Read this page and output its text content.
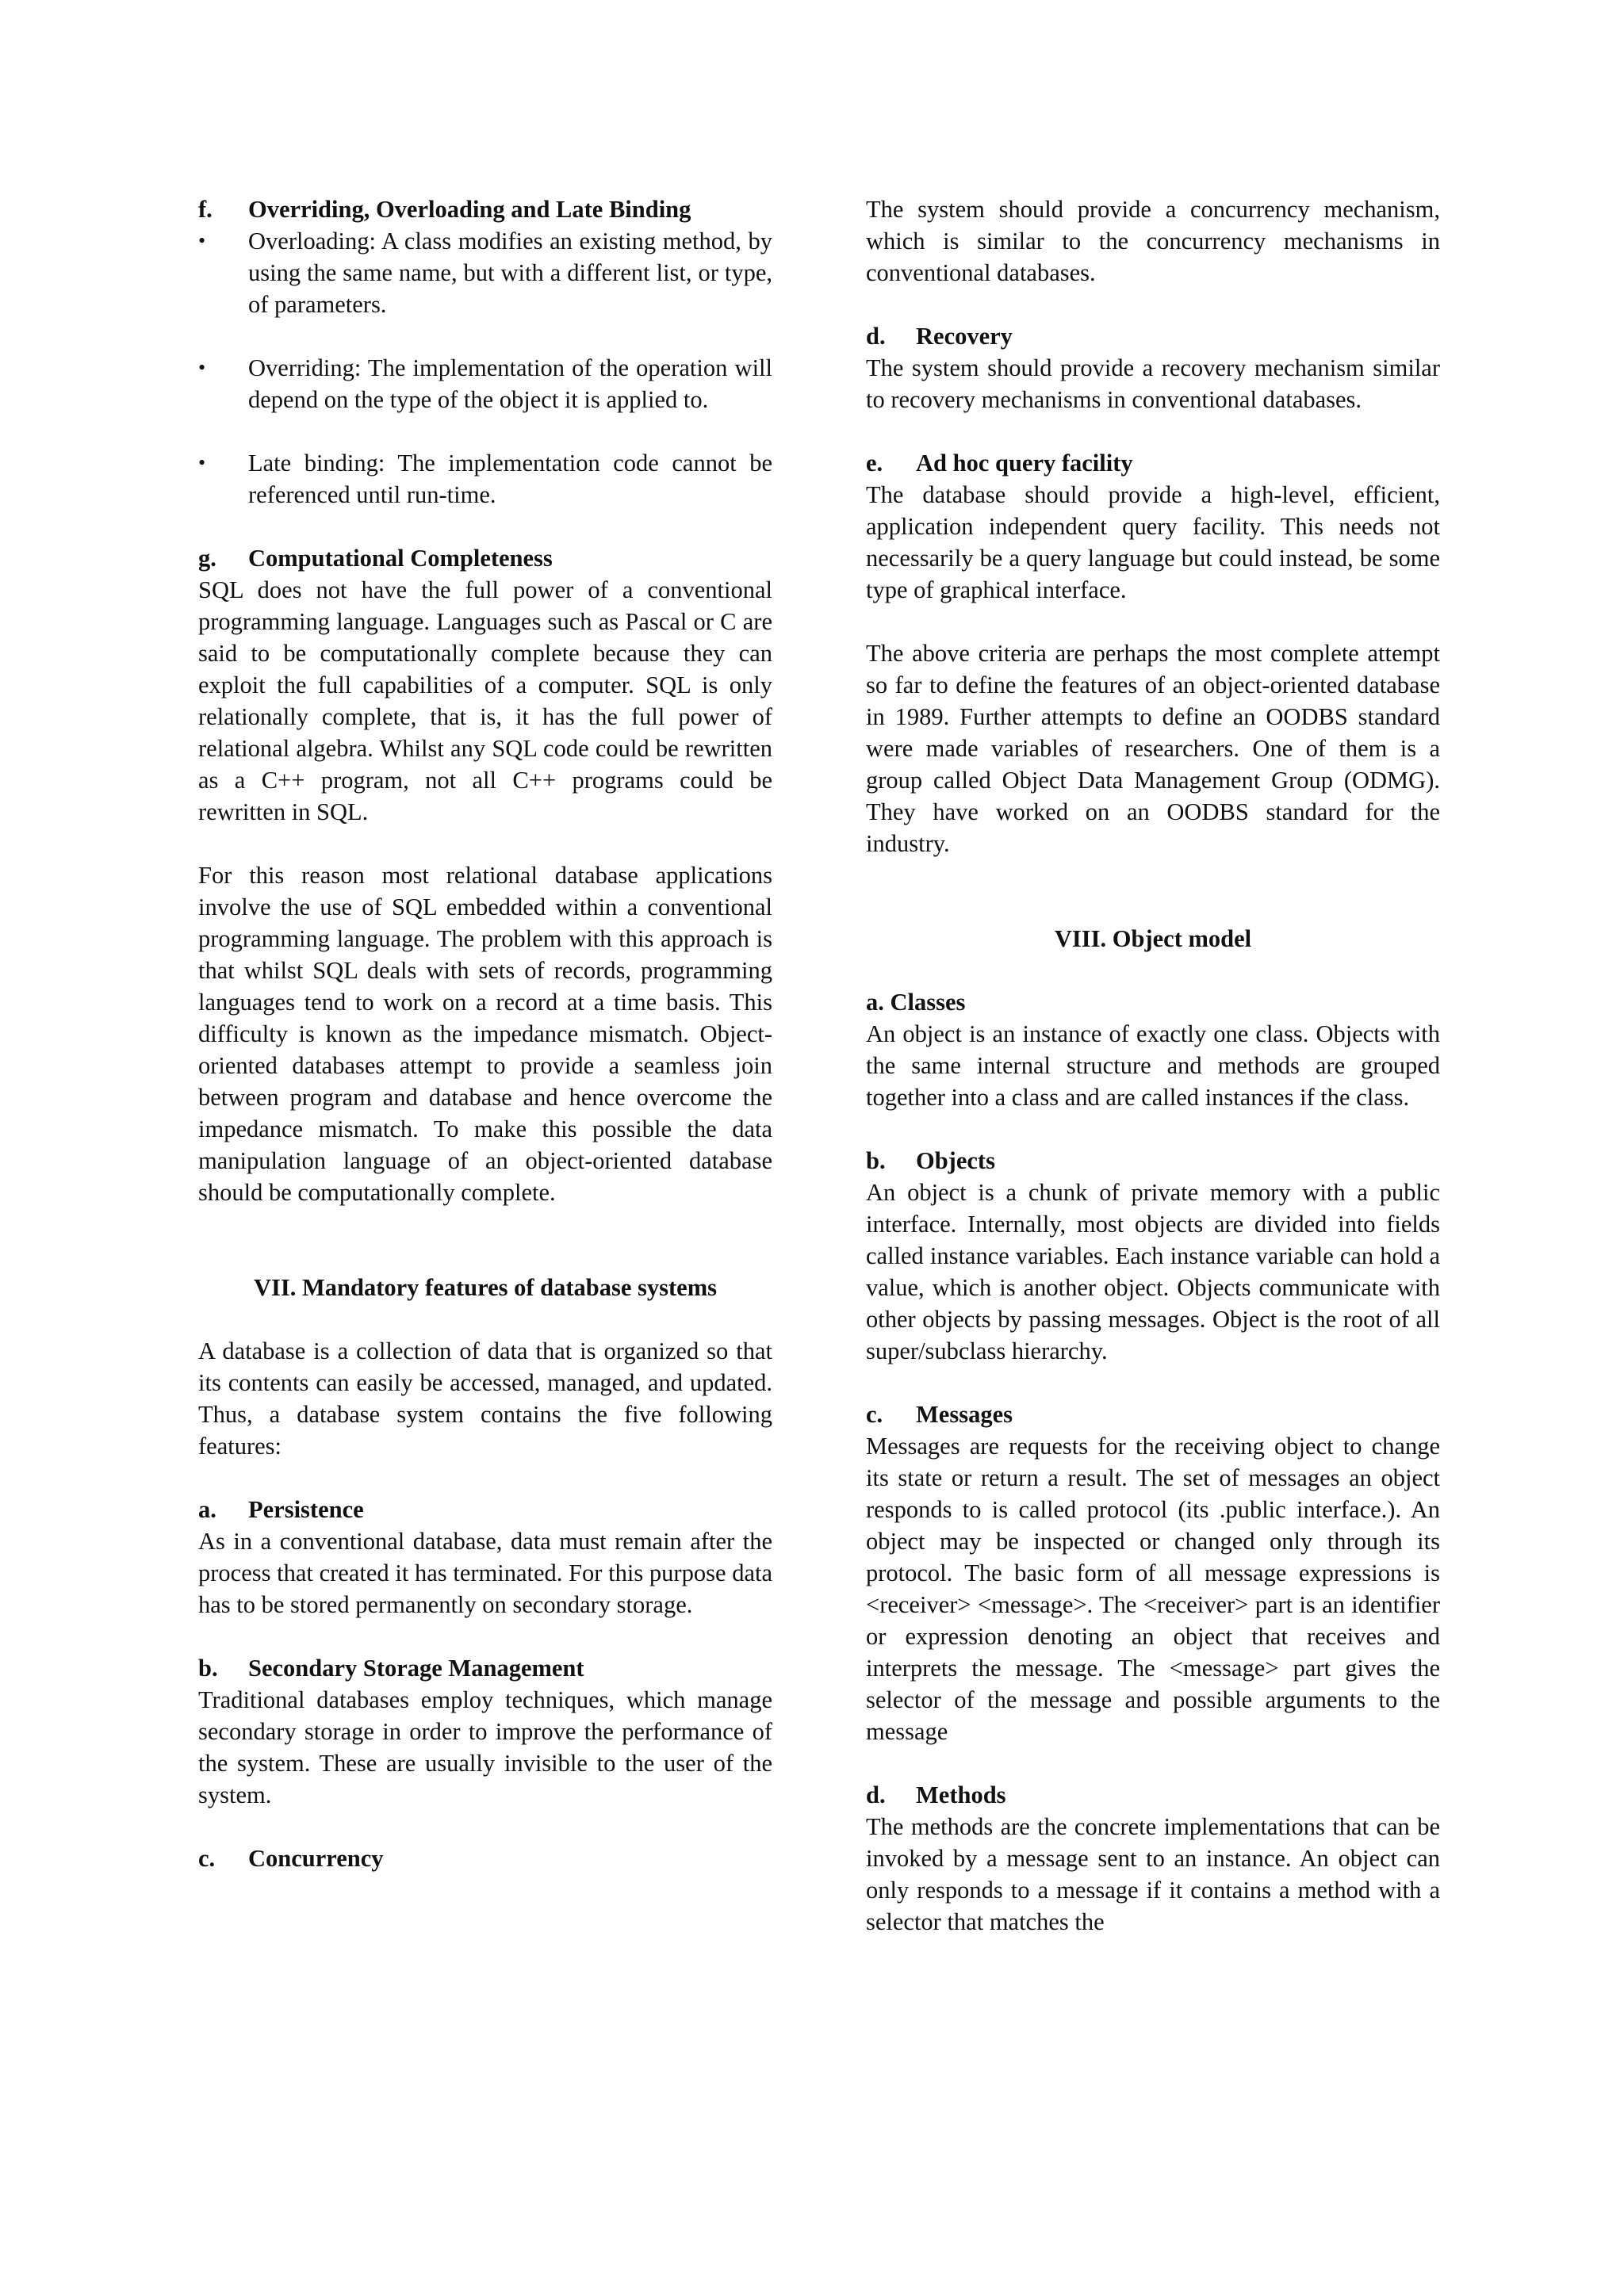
f.	Overriding, Overloading and Late Binding

•	Overloading: A class modifies an existing method, by using the same name, but with a different list, or type, of parameters.
•	Overriding: The implementation of the operation will depend on the type of the object it is applied to.
•	Late binding: The implementation code cannot be referenced until run-time.

g.	Computational Completeness

SQL does not have the full power of a conventional programming language. Languages such as Pascal or C are said to be computationally complete because they can exploit the full capabilities of a computer. SQL is only relationally complete, that is, it has the full power of relational algebra. Whilst any SQL code could be rewritten as a C++ program, not all C++ programs could be rewritten in SQL.

For this reason most relational database applications involve the use of SQL embedded within a conventional programming language. The problem with this approach is that whilst SQL deals with sets of records, programming languages tend to work on a record at a time basis. This difficulty is known as the impedance mismatch. Object-oriented databases attempt to provide a seamless join between program and database and hence overcome the impedance mismatch. To make this possible the data manipulation language of an object-oriented database should be computationally complete.

VII. Mandatory features of database systems

A database is a collection of data that is organized so that its contents can easily be accessed, managed, and updated. Thus, a database system contains the five following features:

a.	Persistence

As in a conventional database, data must remain after the process that created it has terminated. For this purpose data has to be stored permanently on secondary storage.

b.	Secondary Storage Management

Traditional databases employ techniques, which manage secondary storage in order to improve the performance of the system. These are usually invisible to the user of the system.

c.	Concurrency

The system should provide a concurrency mechanism, which is similar to the concurrency mechanisms in conventional databases.

d.	Recovery

The system should provide a recovery mechanism similar to recovery mechanisms in conventional databases.

e.	Ad hoc query facility

The database should provide a high-level, efficient, application independent query facility. This needs not necessarily be a query language but could instead, be some type of graphical interface.

The above criteria are perhaps the most complete attempt so far to define the features of an object-oriented database in 1989. Further attempts to define an OODBS standard were made variables of researchers. One of them is a group called Object Data Management Group (ODMG). They have worked on an OODBS standard for the industry.

VIII. Object model

a. Classes

An object is an instance of exactly one class. Objects with the same internal structure and methods are grouped together into a class and are called instances if the class.

b.	Objects

An object is a chunk of private memory with a public interface. Internally, most objects are divided into fields called instance variables. Each instance variable can hold a value, which is another object. Objects communicate with other objects by passing messages. Object is the root of all super/subclass hierarchy.

c.	Messages

Messages are requests for the receiving object to change its state or return a result. The set of messages an object responds to is called protocol (its .public interface.). An object may be inspected or changed only through its protocol. The basic form of all message expressions is <receiver> <message>. The <receiver> part is an identifier or expression denoting an object that receives and interprets the message. The <message> part gives the selector of the message and possible arguments to the message

d.	Methods

The methods are the concrete implementations that can be invoked by a message sent to an instance. An object can only responds to a message if it contains a method with a selector that matches the
